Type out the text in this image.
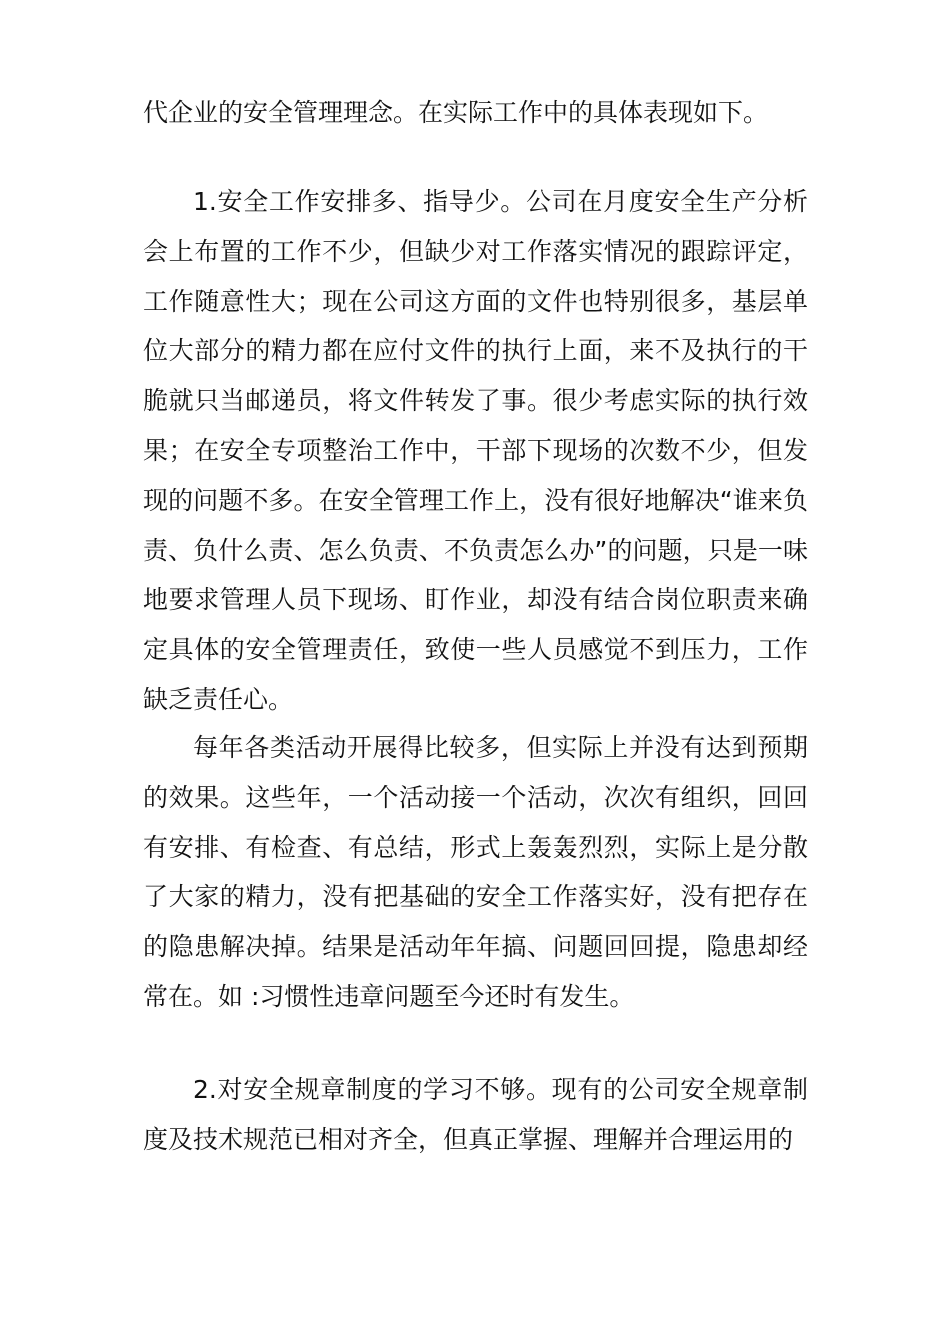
代企业的安全管理理念。在实际工作中的具体表现如下。

1.安全工作安排多、指导少。公司在月度安全生产分析会上布置的工作不少，但缺少对工作落实情况的跟踪评定，工作随意性大；现在公司这方面的文件也特别很多，基层单位大部分的精力都在应付文件的执行上面，来不及执行的干脆就只当邮递员，将文件转发了事。很少考虑实际的执行效果；在安全专项整治工作中，干部下现场的次数不少，但发现的问题不多。在安全管理工作上，没有很好地解决“谁来负责、负什么责、怎么负责、不负责怎么办”的问题，只是一味地要求管理人员下现场、盯作业，却没有结合岗位职责来确定具体的安全管理责任，致使一些人员感觉不到压力，工作缺乏责任心。

每年各类活动开展得比较多，但实际上并没有达到预期的效果。这些年，一个活动接一个活动，次次有组织，回回有安排、有检查、有总结，形式上轰轰烈烈，实际上是分散了大家的精力，没有把基础的安全工作落实好，没有把存在的隐患解决掉。结果是活动年年搞、问题回回提，隐患却经常在。如 :习惯性违章问题至今还时有发生。

2.对安全规章制度的学习不够。现有的公司安全规章制度及技术规范已相对齐全，但真正掌握、理解并合理运用的
